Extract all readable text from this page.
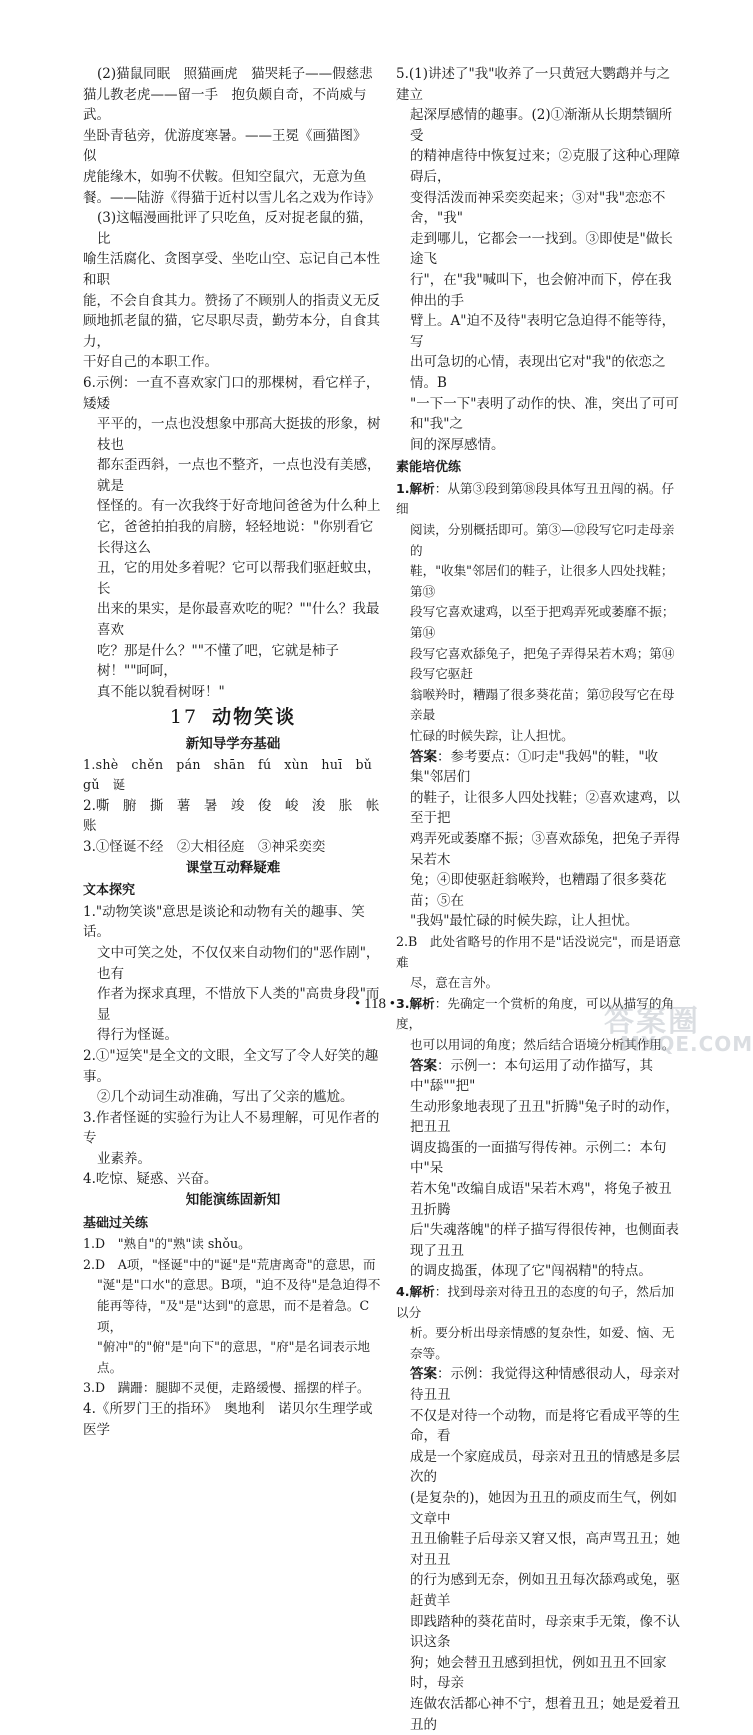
(2)猫鼠同眠　照猫画虎　猫哭耗子——假慈悲

猫儿教老虎——留一手　抱负颇自奇，不尚威与武。

坐卧青毡旁，优游度寒暑。——王冕《画猫图》　似

虎能缘木，如驹不伏鞍。但知空鼠穴，无意为鱼

餐。——陆游《得猫于近村以雪儿名之戏为作诗》

(3)这幅漫画批评了只吃鱼，反对捉老鼠的猫，比

喻生活腐化、贪图享受、坐吃山空、忘记自己本性和职

能，不会自食其力。赞扬了不顾别人的指责义无反

顾地抓老鼠的猫，它尽职尽责，勤劳本分，自食其力，

干好自己的本职工作。

6.示例：一直不喜欢家门口的那棵树，看它样子，矮矮

平平的，一点也没想象中那高大挺拔的形象，树枝也

都东歪西斜，一点也不整齐，一点也没有美感，就是

怪怪的。有一次我终于好奇地问爸爸为什么种上

它，爸爸拍拍我的肩膀，轻轻地说："你别看它长得这么

丑，它的用处多着呢？它可以帮我们驱赶蚊虫，长

出来的果实，是你最喜欢吃的呢？""什么？我最喜欢

吃？那是什么？""不懂了吧，它就是柿子树！""呵呵，

真不能以貌看树呀！"

17 动物笑谈

新知导学夯基础

1.shè　chěn　pán　shān　fú　xùn　huī　bǔ　gǔ　诞

2.嘶　腑　撕　薯　暑　竣　俊　峻　浚　胀　帐　账

3.①怪诞不经　②大相径庭　③神采奕奕

课堂互动释疑难

文本探究

1."动物笑谈"意思是谈论和动物有关的趣事、笑话。

文中可笑之处，不仅仅来自动物们的"恶作剧"，也有

作者为探求真理，不惜放下人类的"高贵身段"而显

得行为怪诞。

2.①"逗笑"是全文的文眼，全文写了令人好笑的趣事。

②几个动词生动准确，写出了父亲的尴尬。

3.作者怪诞的实验行为让人不易理解，可见作者的专

业素养。

4.吃惊、疑惑、兴奋。

知能演练固新知

基础过关练

1.D　"熟自"的"熟"读 shǒu。

2.D　A项，"怪诞"中的"诞"是"荒唐离奇"的意思，而

"涎"是"口水"的意思。B项，"迫不及待"是急迫得不

能再等待，"及"是"达到"的意思，而不是着急。C项，

"俯冲"的"俯"是"向下"的意思，"府"是名词表示地点。

3.D　蹒跚：腿脚不灵便，走路缓慢、摇摆的样子。

4.《所罗门王的指环》　奥地利　诺贝尔生理学或医学

5.(1)讲述了"我"收养了一只黄冠大鹦鹉并与之建立

起深厚感情的趣事。(2)①渐渐从长期禁锢所受

的精神虐待中恢复过来；②克服了这种心理障碍后，

变得活泼而神采奕奕起来；③对"我"恋恋不舍，"我"

走到哪儿，它都会一一找到。③即使是"做长途飞

行"，在"我"喊叫下，也会俯冲而下，停在我伸出的手

臂上。A"迫不及待"表明它急迫得不能等待，写

出可急切的心情，表现出它对"我"的依恋之情。B

"一下一下"表明了动作的快、准，突出了可可和"我"之

间的深厚感情。

素能培优练

1.解析：从第③段到第⑱段具体写丑丑闯的祸。仔细

阅读，分别概括即可。第③—⑫段写它叼走母亲的

鞋，"收集"邻居们的鞋子，让很多人四处找鞋；第⑬

段写它喜欢逮鸡，以至于把鸡弄死或萎靡不振；第⑭

段写它喜欢舔兔子，把兔子弄得呆若木鸡；第⑭段写它驱赶

翁喉羚时，糟蹋了很多葵花苗；第⑰段写它在母亲最

忙碌的时候失踪，让人担忧。

答案：参考要点：①叼走"我妈"的鞋，"收集"邻居们

的鞋子，让很多人四处找鞋；②喜欢逮鸡，以至于把

鸡弄死或萎靡不振；③喜欢舔兔，把兔子弄得呆若木

兔；④即使驱赶翁喉羚，也糟蹋了很多葵花苗；⑤在

"我妈"最忙碌的时候失踪，让人担忧。

2.B　此处省略号的作用不是"话没说完"，而是语意难

尽，意在言外。

3.解析：先确定一个赏析的角度，可以从描写的角度，

也可以用词的角度；然后结合语境分析其作用。

答案：示例一：本句运用了动作描写，其中"舔""把"

生动形象地表现了丑丑"折腾"兔子时的动作，把丑丑

调皮捣蛋的一面描写得传神。示例二：本句中"呆

若木兔"改编自成语"呆若木鸡"，将兔子被丑丑折腾

后"失魂落魄"的样子描写得很传神，也侧面表现了丑丑

的调皮捣蛋，体现了它"闯祸精"的特点。

4.解析：找到母亲对待丑丑的态度的句子，然后加以分

析。要分析出母亲情感的复杂性，如爱、恼、无奈等。

答案：示例：我觉得这种情感很动人，母亲对待丑丑

不仅是对待一个动物，而是将它看成平等的生命，看

成是一个家庭成员，母亲对丑丑的情感是多层次的

(是复杂的)，她因为丑丑的顽皮而生气，例如文章中

丑丑偷鞋子后母亲又窘又恨，高声骂丑丑；她对丑丑

的行为感到无奈，例如丑丑每次舔鸡或兔，驱赶黄羊

即践踏种的葵花苗时，母亲束手无策，像不认识这条

狗；她会替丑丑感到担忧，例如丑丑不回家时，母亲

连做农活都心神不宁，想着丑丑；她是爱着丑丑的

• 118 •	答案圈
MXQE.COM
